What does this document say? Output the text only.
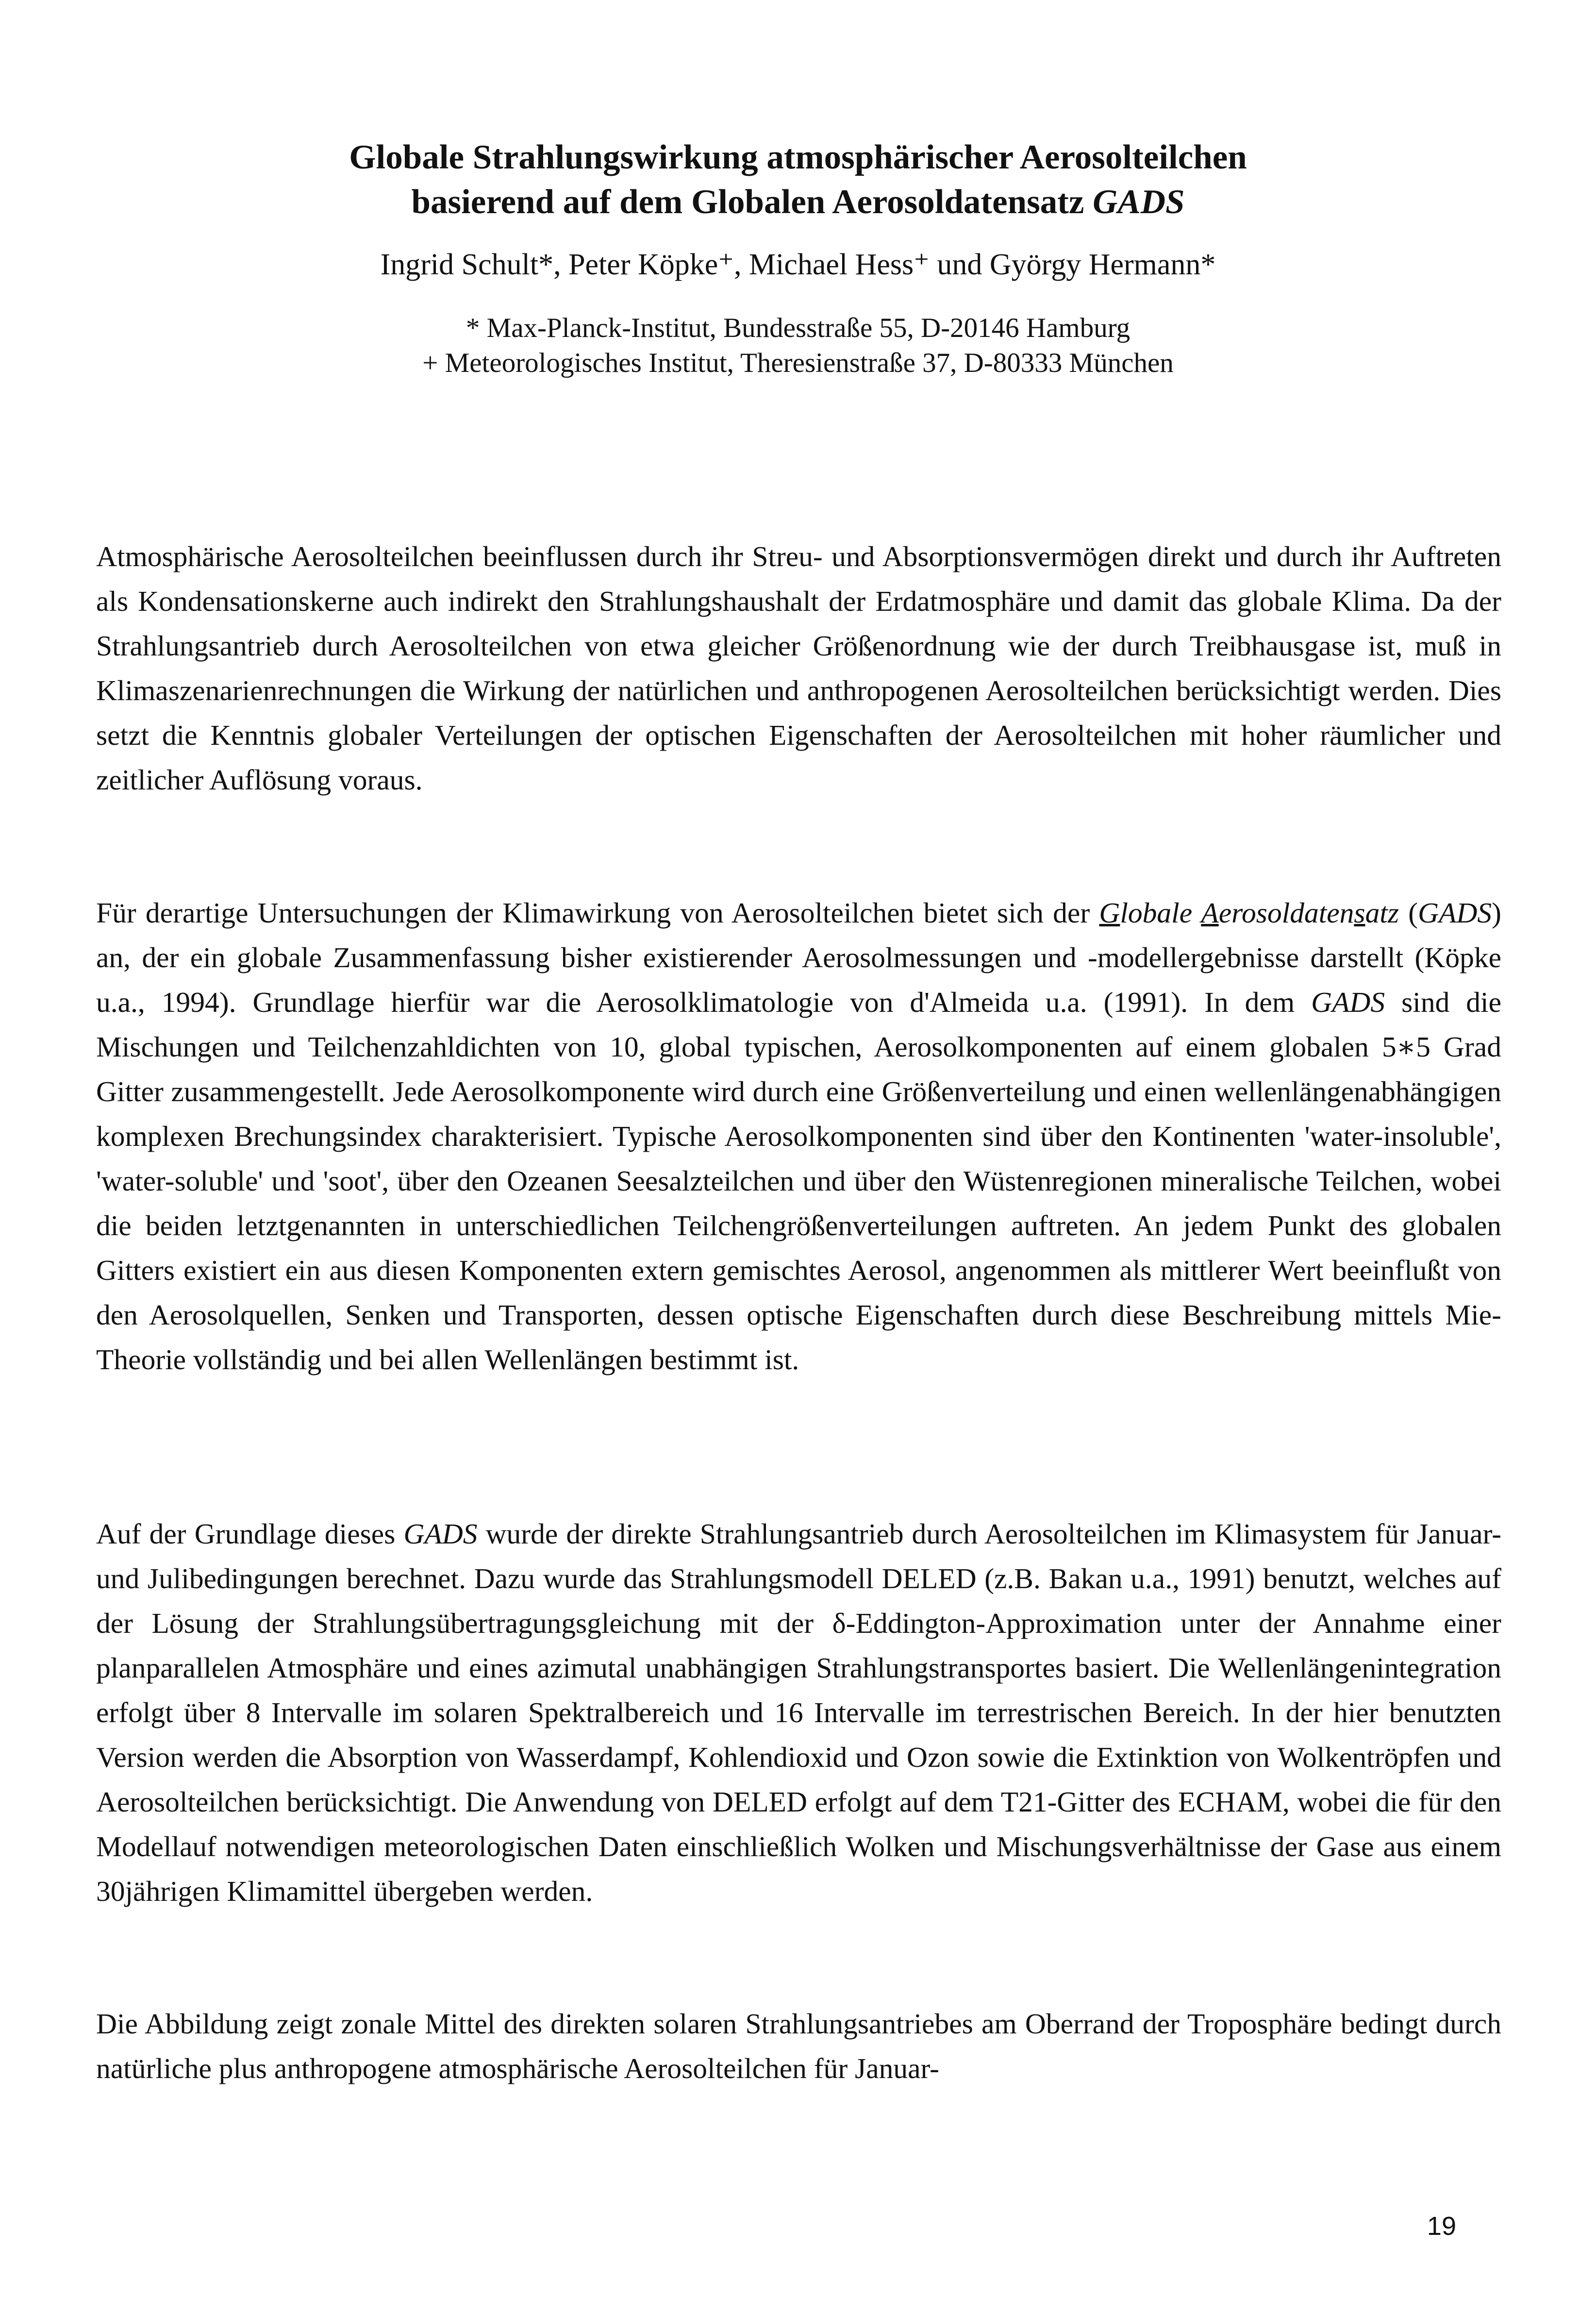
Globale Strahlungswirkung atmosphärischer Aerosolteilchen
basierend auf dem Globalen Aerosoldatensatz GADS

Ingrid Schult*, Peter Köpke⁺, Michael Hess⁺ und György Hermann*

* Max-Planck-Institut, Bundesstraße 55, D-20146 Hamburg
+ Meteorologisches Institut, Theresienstraße 37, D-80333 München

Atmosphärische Aerosolteilchen beeinflussen durch ihr Streu- und Absorptionsvermögen direkt und durch ihr Auftreten als Kondensationskerne auch indirekt den Strahlungshaushalt der Erdatmosphäre und damit das globale Klima. Da der Strahlungsantrieb durch Aerosolteilchen von etwa gleicher Größenordnung wie der durch Treibhausgase ist, muß in Klimaszenarienrechnungen die Wirkung der natürlichen und anthropogenen Aerosolteilchen berücksichtigt werden. Dies setzt die Kenntnis globaler Verteilungen der optischen Eigenschaften der Aerosolteilchen mit hoher räumlicher und zeitlicher Auflösung voraus.

Für derartige Untersuchungen der Klimawirkung von Aerosolteilchen bietet sich der Globale Aerosoldatensatz (GADS) an, der ein globale Zusammenfassung bisher existierender Aerosolmessungen und -modellergebnisse darstellt (Köpke u.a., 1994). Grundlage hierfür war die Aerosolklimatologie von d'Almeida u.a. (1991). In dem GADS sind die Mischungen und Teilchenzahldichten von 10, global typischen, Aerosolkomponenten auf einem globalen 5∗5 Grad Gitter zusammengestellt. Jede Aerosolkomponente wird durch eine Größenverteilung und einen wellenlängenabhängigen komplexen Brechungsindex charakterisiert. Typische Aerosolkomponenten sind über den Kontinenten 'water-insoluble', 'water-soluble' und 'soot', über den Ozeanen Seesalzteilchen und über den Wüstenregionen mineralische Teilchen, wobei die beiden letztgenannten in unterschiedlichen Teilchengrößenverteilungen auftreten. An jedem Punkt des globalen Gitters existiert ein aus diesen Komponenten extern gemischtes Aerosol, angenommen als mittlerer Wert beeinflußt von den Aerosolquellen, Senken und Transporten, dessen optische Eigenschaften durch diese Beschreibung mittels Mie-Theorie vollständig und bei allen Wellenlängen bestimmt ist.

Auf der Grundlage dieses GADS wurde der direkte Strahlungsantrieb durch Aerosolteilchen im Klimasystem für Januar- und Julibedingungen berechnet. Dazu wurde das Strahlungsmodell DELED (z.B. Bakan u.a., 1991) benutzt, welches auf der Lösung der Strahlungsübertragungsgleichung mit der δ-Eddington-Approximation unter der Annahme einer planparallelen Atmosphäre und eines azimutal unabhängigen Strahlungstransportes basiert. Die Wellenlängenintegration erfolgt über 8 Intervalle im solaren Spektralbereich und 16 Intervalle im terrestrischen Bereich. In der hier benutzten Version werden die Absorption von Wasserdampf, Kohlendioxid und Ozon sowie die Extinktion von Wolkentröpfen und Aerosolteilchen berücksichtigt. Die Anwendung von DELED erfolgt auf dem T21-Gitter des ECHAM, wobei die für den Modellauf notwendigen meteorologischen Daten einschließlich Wolken und Mischungsverhältnisse der Gase aus einem 30jährigen Klimamittel übergeben werden.

Die Abbildung zeigt zonale Mittel des direkten solaren Strahlungsantriebes am Oberrand der Troposphäre bedingt durch natürliche plus anthropogene atmosphärische Aerosolteilchen für Januar-

19
